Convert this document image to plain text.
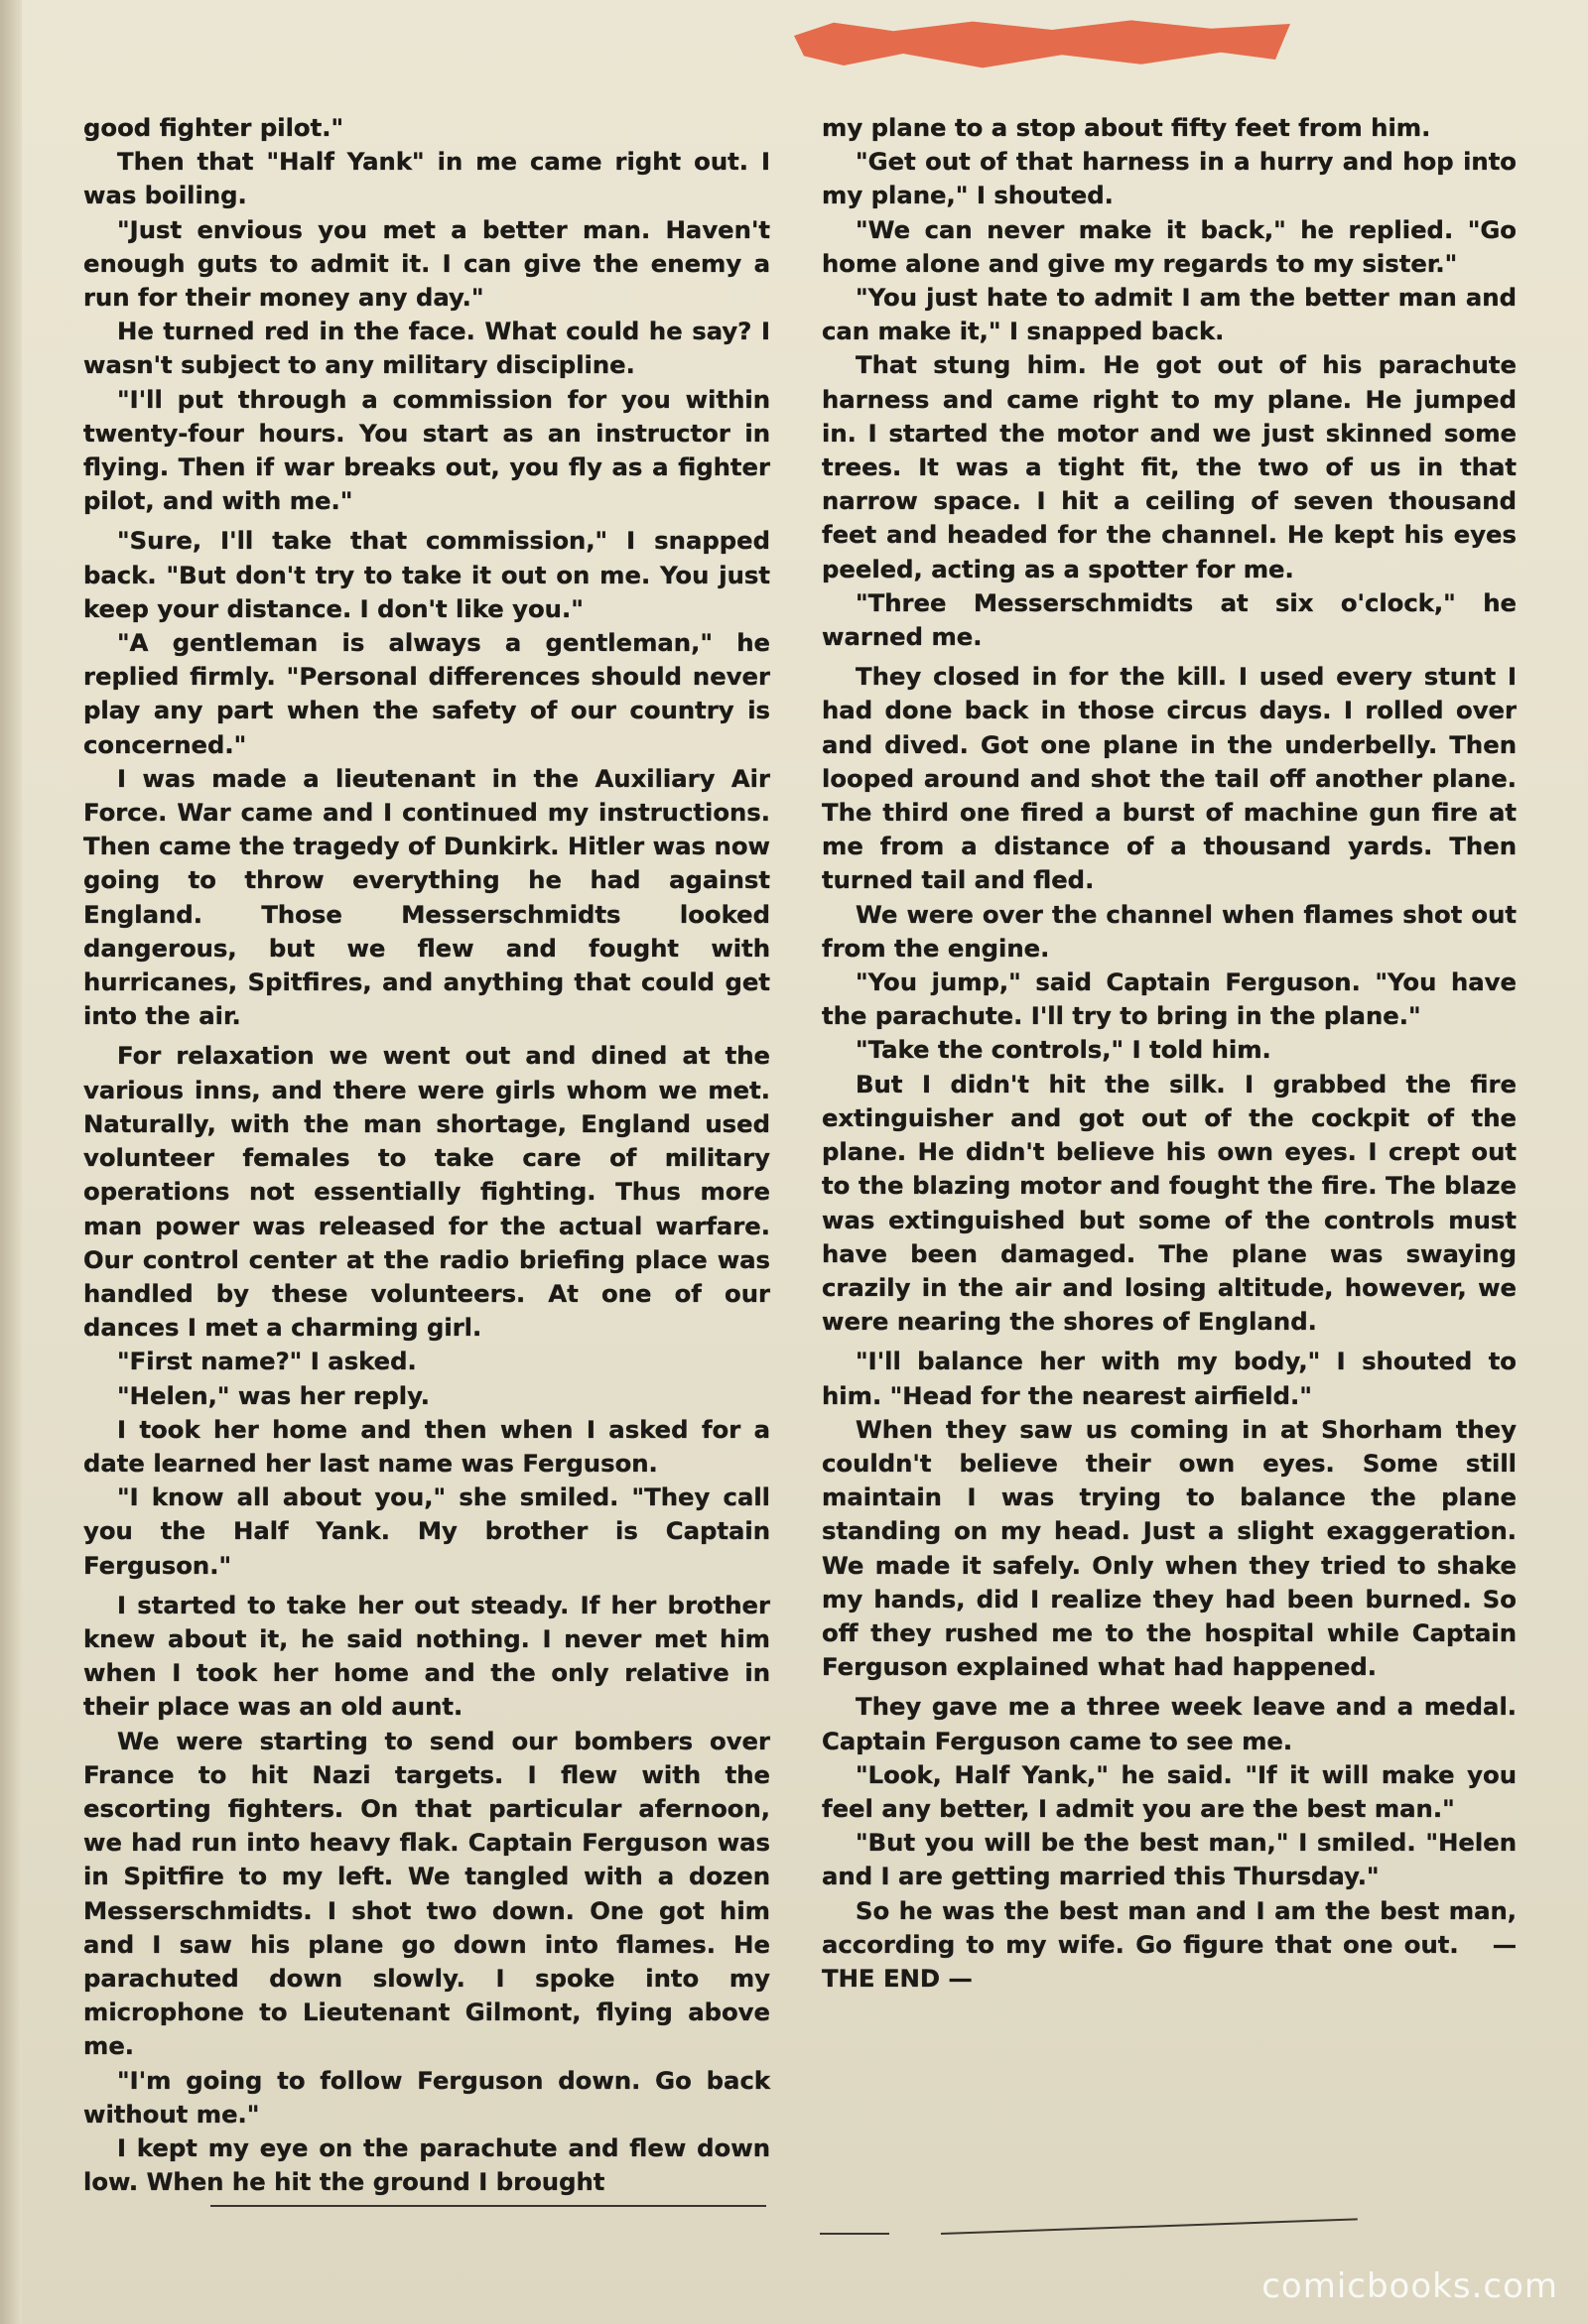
good fighter pilot."

Then that "Half Yank" in me came right out. I was boiling.

"Just envious you met a better man. Haven't enough guts to admit it. I can give the enemy a run for their money any day."

He turned red in the face. What could he say? I wasn't subject to any military discipline.

"I'll put through a commission for you within twenty-four hours. You start as an instructor in flying. Then if war breaks out, you fly as a fighter pilot, and with me."

"Sure, I'll take that commission," I snapped back. "But don't try to take it out on me. You just keep your distance. I don't like you."

"A gentleman is always a gentleman," he replied firmly. "Personal differences should never play any part when the safety of our country is concerned."

I was made a lieutenant in the Auxiliary Air Force. War came and I continued my instructions. Then came the tragedy of Dunkirk. Hitler was now going to throw everything he had against England. Those Messerschmidts looked dangerous, but we flew and fought with hurricanes, Spitfires, and anything that could get into the air.

For relaxation we went out and dined at the various inns, and there were girls whom we met. Naturally, with the man shortage, England used volunteer females to take care of military operations not essentially fighting. Thus more man power was released for the actual warfare. Our control center at the radio briefing place was handled by these volunteers. At one of our dances I met a charming girl.

"First name?" I asked.

"Helen," was her reply.

I took her home and then when I asked for a date learned her last name was Ferguson.

"I know all about you," she smiled. "They call you the Half Yank. My brother is Captain Ferguson."

I started to take her out steady. If her brother knew about it, he said nothing. I never met him when I took her home and the only relative in their place was an old aunt.

We were starting to send our bombers over France to hit Nazi targets. I flew with the escorting fighters. On that particular afernoon, we had run into heavy flak. Captain Ferguson was in Spitfire to my left. We tangled with a dozen Messerschmidts. I shot two down. One got him and I saw his plane go down into flames. He parachuted down slowly. I spoke into my microphone to Lieutenant Gilmont, flying above me.

"I'm going to follow Ferguson down. Go back without me."

I kept my eye on the parachute and flew down low. When he hit the ground I brought

my plane to a stop about fifty feet from him.

"Get out of that harness in a hurry and hop into my plane," I shouted.

"We can never make it back," he replied. "Go home alone and give my regards to my sister."

"You just hate to admit I am the better man and can make it," I snapped back.

That stung him. He got out of his parachute harness and came right to my plane. He jumped in. I started the motor and we just skinned some trees. It was a tight fit, the two of us in that narrow space. I hit a ceiling of seven thousand feet and headed for the channel. He kept his eyes peeled, acting as a spotter for me.

"Three Messerschmidts at six o'clock," he warned me.

They closed in for the kill. I used every stunt I had done back in those circus days. I rolled over and dived. Got one plane in the underbelly. Then looped around and shot the tail off another plane. The third one fired a burst of machine gun fire at me from a distance of a thousand yards. Then turned tail and fled.

We were over the channel when flames shot out from the engine.

"You jump," said Captain Ferguson. "You have the parachute. I'll try to bring in the plane."

"Take the controls," I told him.

But I didn't hit the silk. I grabbed the fire extinguisher and got out of the cockpit of the plane. He didn't believe his own eyes. I crept out to the blazing motor and fought the fire. The blaze was extinguished but some of the controls must have been damaged. The plane was swaying crazily in the air and losing altitude, however, we were nearing the shores of England.

"I'll balance her with my body," I shouted to him. "Head for the nearest airfield."

When they saw us coming in at Shorham they couldn't believe their own eyes. Some still maintain I was trying to balance the plane standing on my head. Just a slight exaggeration. We made it safely. Only when they tried to shake my hands, did I realize they had been burned. So off they rushed me to the hospital while Captain Ferguson explained what had happened.

They gave me a three week leave and a medal. Captain Ferguson came to see me.

"Look, Half Yank," he said. "If it will make you feel any better, I admit you are the best man."

"But you will be the best man," I smiled. "Helen and I are getting married this Thursday."

So he was the best man and I am the best man, according to my wife. Go figure that one out. — THE END —

comicbooks.com
